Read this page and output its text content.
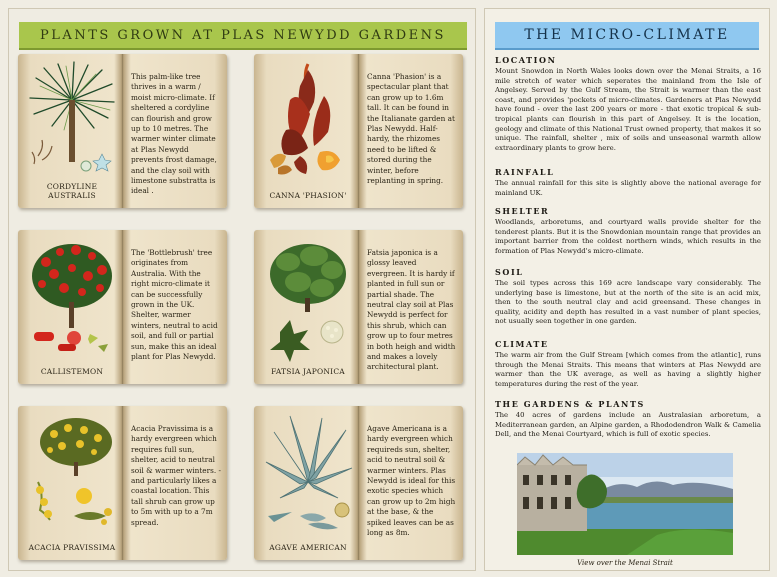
PLANTS GROWN AT PLAS NEWYDD GARDENS
CORDYLINE AUSTRALIS
This palm-like tree thrives in a warm / moist micro-climate. If sheltered a cordyline can flourish and grow up to 10 metres. The warmer winter climate at Plas Newydd prevents frost damage, and the clay soil with limestone substratta is ideal .
CANNA 'PHASION'
Canna 'Phasion' is a spectacular plant that can grow up to 1.6m tall. It can be found in the Italianate garden at Plas Newydd. Half-hardy, the rhizomes need to be lifted & stored during the winter, before replanting in spring.
CALLISTEMON
The 'Bottlebrush' tree originates from Australia. With the right micro-climate it can be successfully grown in the UK. Shelter, warmer winters, neutral to acid soil, and full or partial sun, make this an ideal plant for Plas Newydd.
FATSIA JAPONICA
Fatsia japonica is a glossy leaved evergreen. It is hardy if planted in full sun or partial shade. The neutral clay soil at Plas Newydd is perfect for this shrub, which can grow up to four metres in both heigh and width and makes a lovely architectural plant.
ACACIA PRAVISSIMA
Acacia Pravissima is a hardy evergreen which requires full sun, shelter, acid to neutral soil & warmer winters. - and particularly likes a coastal location. This tall shrub can grow up to 5m with up to a 7m spread.
AGAVE AMERICAN
Agave Americana is a hardy evergreen which requireds sun, shelter, acid to neutral soil & warmer winters. Plas Newydd is ideal for this exotic species which can grow up to 2m high at the base, & the spiked leaves can be as long as 8m.
THE MICRO-CLIMATE
LOCATION

Mount Snowdon in North Wales looks down over the Menai Straits, a 16 mile stretch of water which seperates the mainland from the Isle of Angelsey. Served by the Gulf Stream, the Strait is warmer than the east coast, and provides 'pockets of micro-climates. Gardeners at Plas Newydd have found - over the last 200 years or more - that exotic tropical & sub-tropical plants can flourish in this part of Angelsey. It is the location, geology and climate of this National Trust owned property, that makes it so unique. The rainfall, shelter , mix of soils and unseasonal warmth allow extraordinary plants to grow here.

RAINFALL

The annual rainfall for this site is slightly above the national average for mainland UK.

SHELTER

Woodlands, arboretums, and courtyard walls provide shelter for the tenderest plants. But it is the Snowdonian mountain range that provides an important barrier from the coldest northern winds, which results in the formation of Plas Newydd's micro-climate.

SOIL

The soil types across this 169 acre landscape vary considerably. The underlying base is limestone, but at the north of the site is an acid mix, then to the south neutral clay and acid greensand. These changes in quality, acidity and depth has resulted in a vast number of plant species, not usually seen together in one garden.

CLIMATE

The warm air from the Gulf Stream [which comes from the atlantic], runs through the Menai Straits. This means that winters at Plas Newydd are warmer than the UK average, as well as having a slightly higher temperatures during the rest of the year.

THE GARDENS & PLANTS

The 40 acres of gardens include an Australasian arboretum, a Mediterranean garden, an Alpine garden, a Rhododendron Walk & Camelia Dell, and the Menai Courtyard, which is full of exotic species.

View over the Menai Strait
